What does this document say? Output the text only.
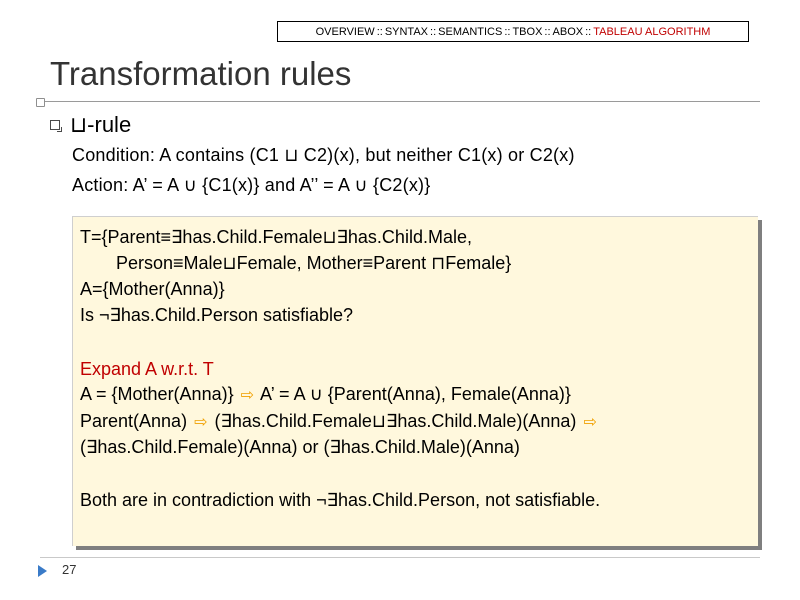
OVERVIEW :: SYNTAX :: SEMANTICS :: TBOX :: ABOX :: TABLEAU ALGORITHM
Transformation rules
⊔-rule
Condition: A contains (C1 ⊔ C2)(x), but neither C1(x) or C2(x)
Action: A’ = A ∪ {C1(x)} and A’’ = A ∪ {C2(x)}
T={Parent≡∃has.Child.Female⊔∃has.Child.Male,
Person≡Male⊔Female, Mother≡Parent ⊓Female}
A={Mother(Anna)}
Is ¬∃has.Child.Person satisfiable?
Expand A w.r.t. T
A = {Mother(Anna)} ⇨ A’ = A ∪ {Parent(Anna), Female(Anna)}
Parent(Anna) ⇨ (∃has.Child.Female⊔∃has.Child.Male)(Anna) ⇨
(∃has.Child.Female)(Anna) or (∃has.Child.Male)(Anna)
Both are in contradiction with ¬∃has.Child.Person, not satisfiable.
27
